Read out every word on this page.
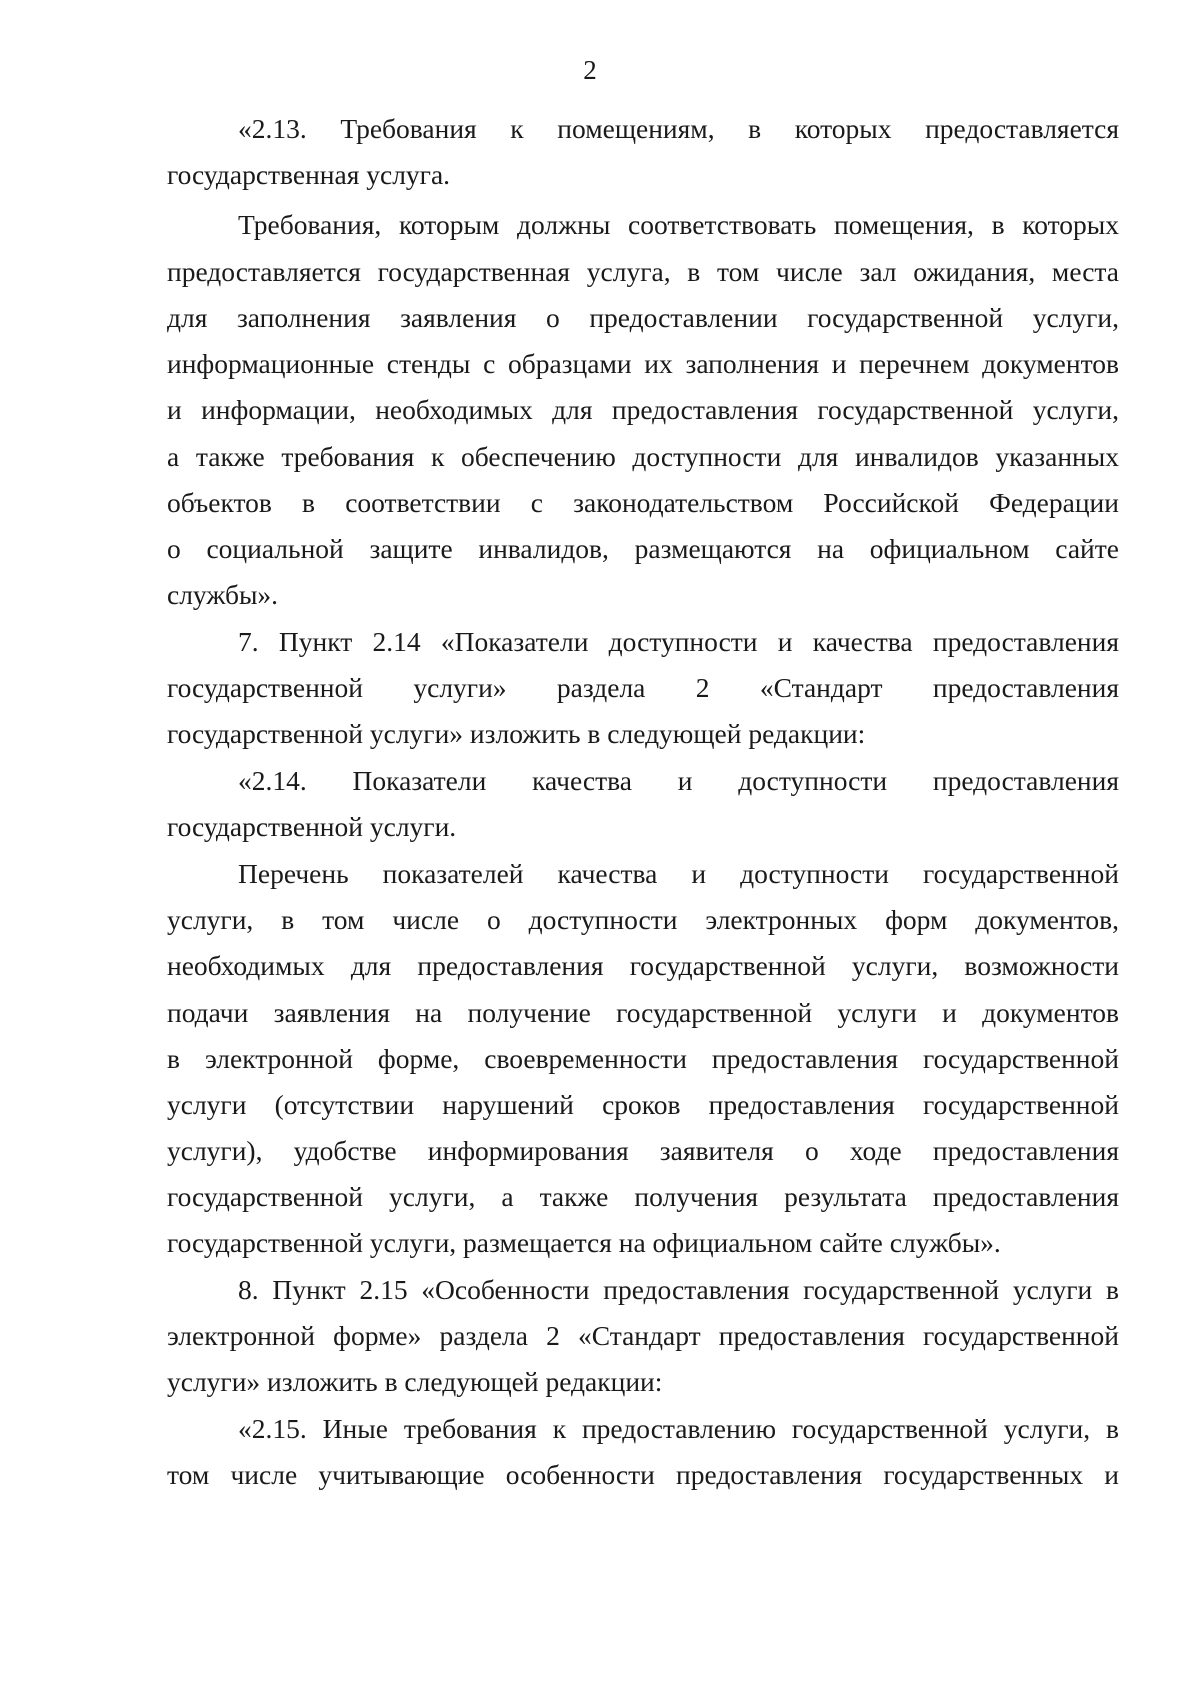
2
«2.13. Требования к помещениям, в которых предоставляется
государственная услуга.
Требования, которым должны соответствовать помещения, в которых
предоставляется государственная услуга, в том числе зал ожидания, места
для заполнения заявления о предоставлении государственной услуги,
информационные стенды с образцами их заполнения и перечнем документов
и информации, необходимых для предоставления государственной услуги,
а также требования к обеспечению доступности для инвалидов указанных
объектов в соответствии с законодательством Российской Федерации
о социальной защите инвалидов, размещаются на официальном сайте
службы».
7. Пункт 2.14 «Показатели доступности и качества предоставления
государственной услуги» раздела 2 «Стандарт предоставления
государственной услуги» изложить в следующей редакции:
«2.14. Показатели качества и доступности предоставления
государственной услуги.
Перечень показателей качества и доступности государственной
услуги, в том числе о доступности электронных форм документов,
необходимых для предоставления государственной услуги, возможности
подачи заявления на получение государственной услуги и документов
в электронной форме, своевременности предоставления государственной
услуги (отсутствии нарушений сроков предоставления государственной
услуги), удобстве информирования заявителя о ходе предоставления
государственной услуги, а также получения результата предоставления
государственной услуги, размещается на официальном сайте службы».
8. Пункт 2.15 «Особенности предоставления государственной услуги в
электронной форме» раздела 2 «Стандарт предоставления государственной
услуги» изложить в следующей редакции:
«2.15. Иные требования к предоставлению государственной услуги, в
том числе учитывающие особенности предоставления государственных и
